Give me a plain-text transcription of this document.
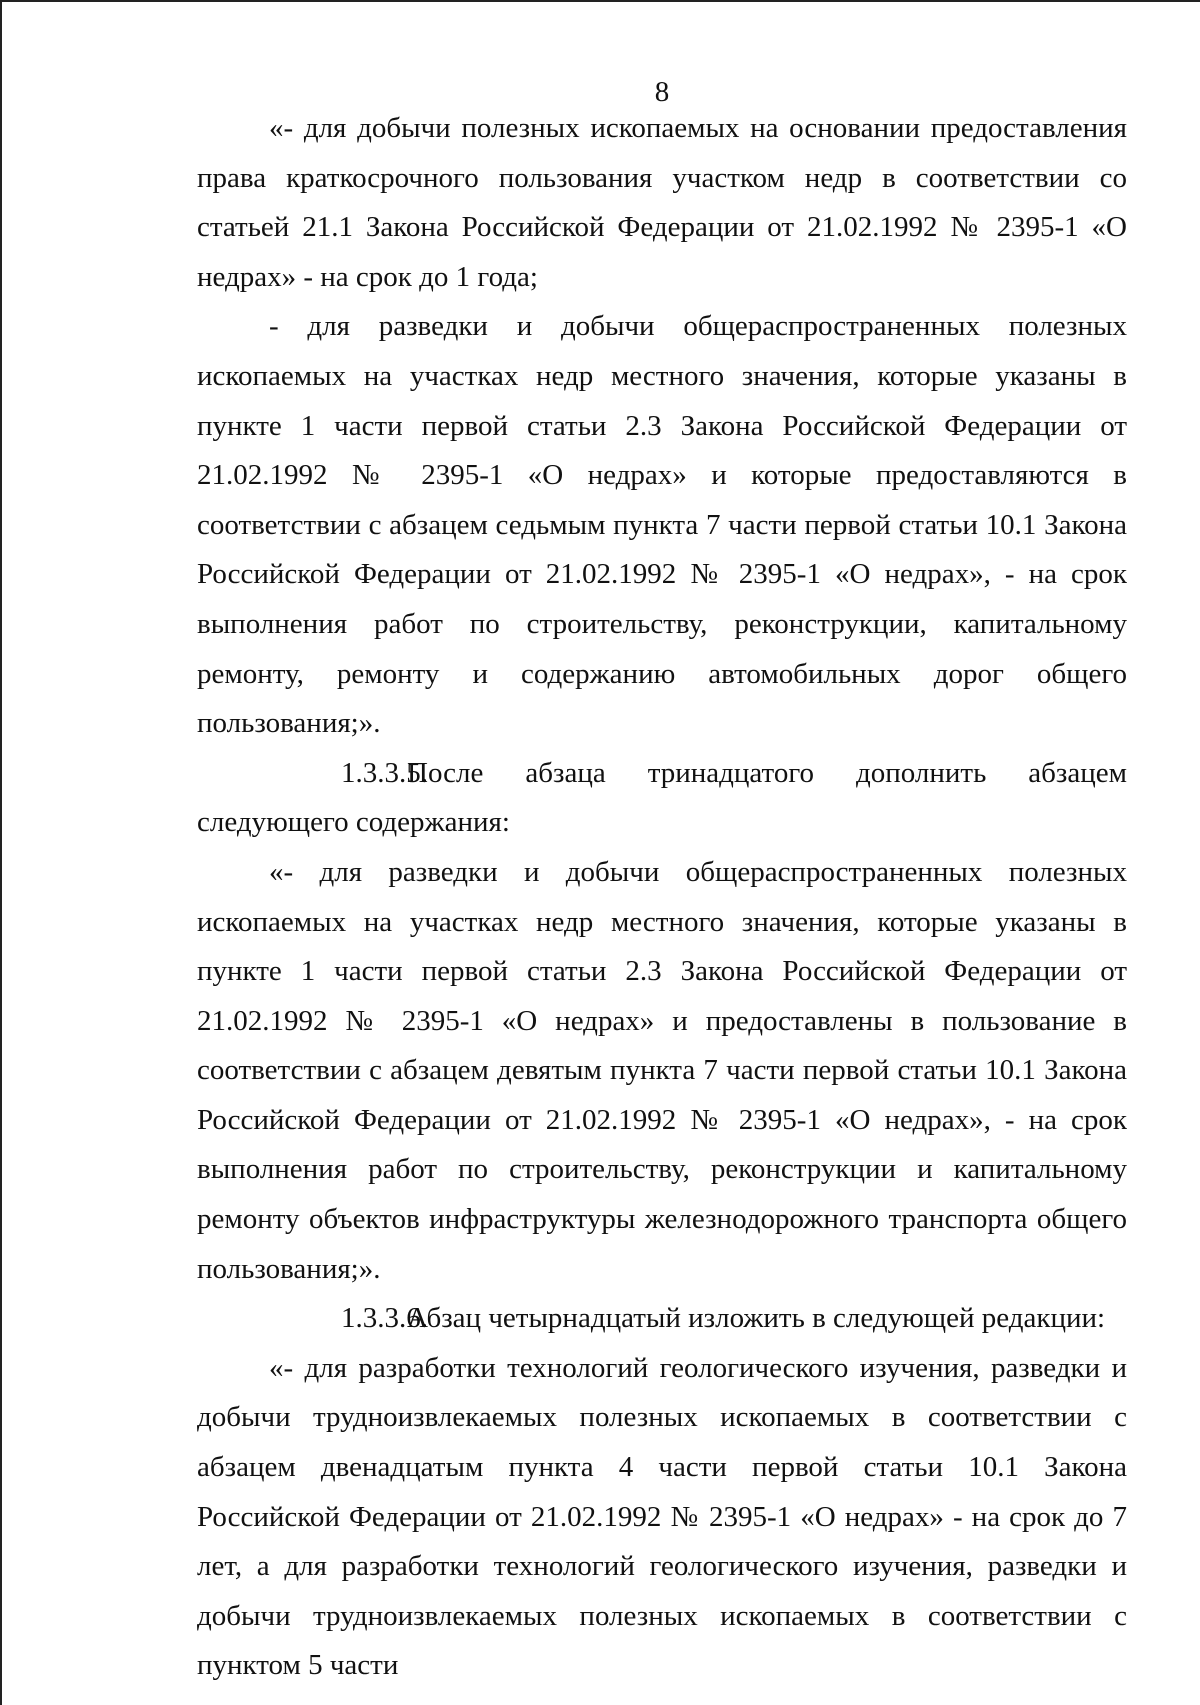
8

«- для добычи полезных ископаемых на основании предоставления права краткосрочного пользования участком недр в соответствии со статьей 21.1 Закона Российской Федерации от 21.02.1992 № 2395-1 «О недрах» - на срок до 1 года;

- для разведки и добычи общераспространенных полезных ископаемых на участках недр местного значения, которые указаны в пункте 1 части первой статьи 2.3 Закона Российской Федерации от 21.02.1992 № 2395-1 «О недрах» и которые предоставляются в соответствии с абзацем седьмым пункта 7 части первой статьи 10.1 Закона Российской Федерации от 21.02.1992 № 2395-1 «О недрах», - на срок выполнения работ по строительству, реконструкции, капитальному ремонту, ремонту и содержанию автомобильных дорог общего пользования;».

1.3.3.5.После абзаца тринадцатого дополнить абзацем следующего содержания:

«- для разведки и добычи общераспространенных полезных ископаемых на участках недр местного значения, которые указаны в пункте 1 части первой статьи 2.3 Закона Российской Федерации от 21.02.1992 № 2395-1 «О недрах» и предоставлены в пользование в соответствии с абзацем девятым пункта 7 части первой статьи 10.1 Закона Российской Федерации от 21.02.1992 № 2395-1 «О недрах», - на срок выполнения работ по строительству, реконструкции и капитальному ремонту объектов инфраструктуры железнодорожного транспорта общего пользования;».

1.3.3.6.Абзац четырнадцатый изложить в следующей редакции:

«- для разработки технологий геологического изучения, разведки и добычи трудноизвлекаемых полезных ископаемых в соответствии с абзацем двенадцатым пункта 4 части первой статьи 10.1 Закона Российской Федерации от 21.02.1992 № 2395-1 «О недрах» - на срок до 7 лет, а для разработки технологий геологического изучения, разведки и добычи трудноизвлекаемых полезных ископаемых в соответствии с пунктом 5 части
